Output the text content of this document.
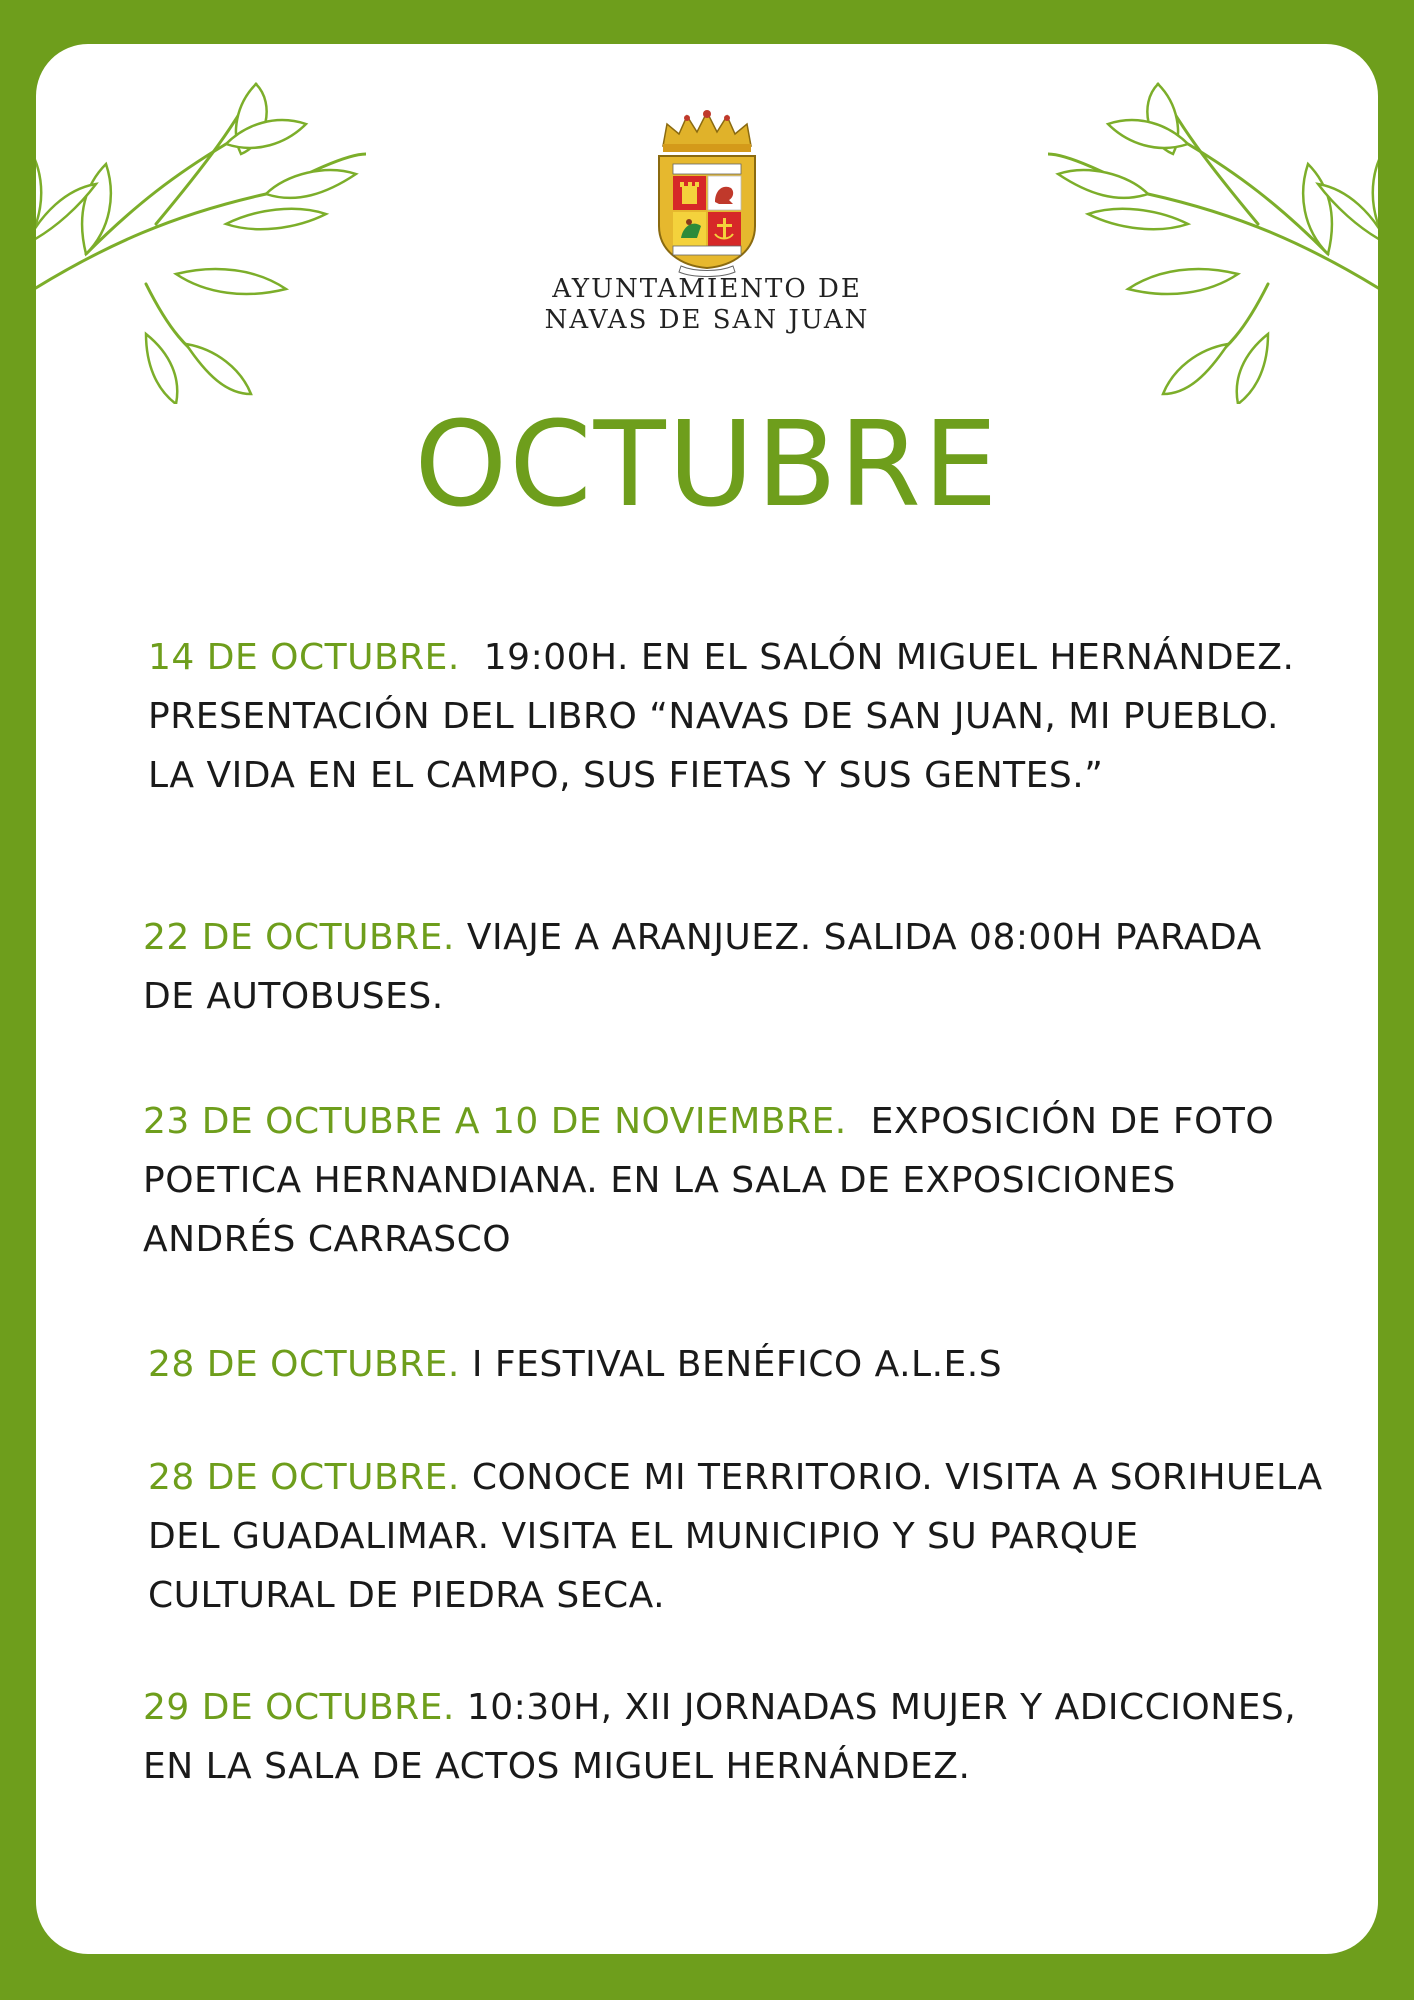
AYUNTAMIENTO DE
NAVAS DE SAN JUAN
OCTUBRE
14 DE OCTUBRE. 19:00H. EN EL SALÓN MIGUEL HERNÁNDEZ. PRESENTACIÓN DEL LIBRO “NAVAS DE SAN JUAN, MI PUEBLO. LA VIDA EN EL CAMPO, SUS FIETAS Y SUS GENTES.”
22 DE OCTUBRE. VIAJE A ARANJUEZ. SALIDA 08:00H PARADA DE AUTOBUSES.
23 DE OCTUBRE A 10 DE NOVIEMBRE. EXPOSICIÓN DE FOTO POETICA HERNANDIANA. EN LA SALA DE EXPOSICIONES ANDRÉS CARRASCO
28 DE OCTUBRE. I FESTIVAL BENÉFICO A.L.E.S
28 DE OCTUBRE. CONOCE MI TERRITORIO. VISITA A SORIHUELA DEL GUADALIMAR. VISITA EL MUNICIPIO Y SU PARQUE CULTURAL DE PIEDRA SECA.
29 DE OCTUBRE. 10:30H, XII JORNADAS MUJER Y ADICCIONES, EN LA SALA DE ACTOS MIGUEL HERNÁNDEZ.
